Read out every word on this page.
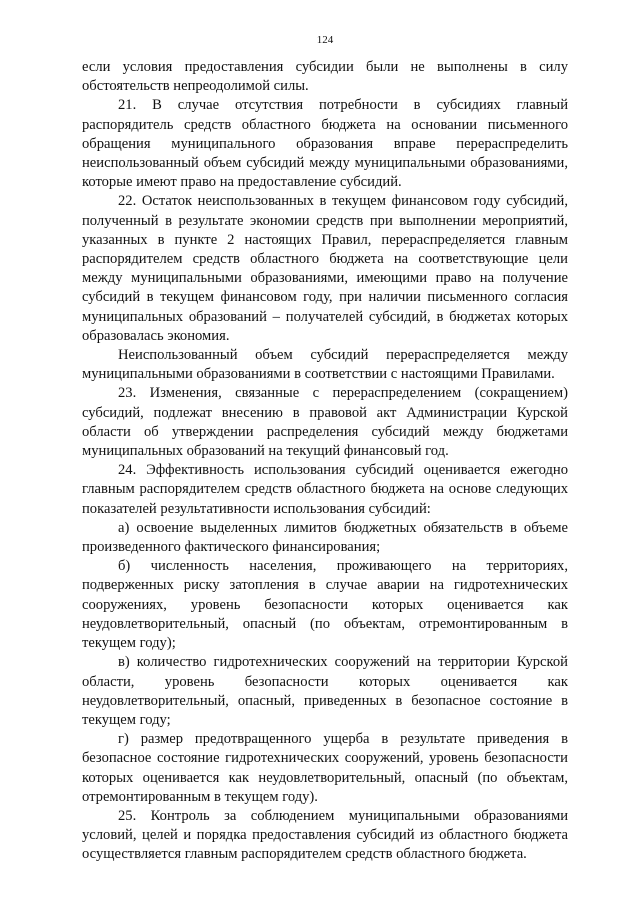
124

если условия предоставления субсидии были не выполнены в силу обстоятельств непреодолимой силы.

21. В случае отсутствия потребности в субсидиях главный распорядитель средств областного бюджета на основании письменного обращения муниципального образования вправе перераспределить неиспользованный объем субсидий между муниципальными образованиями, которые имеют право на предоставление субсидий.

22. Остаток неиспользованных в текущем финансовом году субсидий, полученный в результате экономии средств при выполнении мероприятий, указанных в пункте 2 настоящих Правил, перераспределяется главным распорядителем средств областного бюджета на соответствующие цели между муниципальными образованиями, имеющими право на получение субсидий в текущем финансовом году, при наличии письменного согласия муниципальных образований – получателей субсидий, в бюджетах которых образовалась экономия.

Неиспользованный объем субсидий перераспределяется между муниципальными образованиями в соответствии с настоящими Правилами.

23. Изменения, связанные с перераспределением (сокращением) субсидий, подлежат внесению в правовой акт Администрации Курской области об утверждении распределения субсидий между бюджетами муниципальных образований на текущий финансовый год.

24. Эффективность использования субсидий оценивается ежегодно главным распорядителем средств областного бюджета на основе следующих показателей результативности использования субсидий:

а) освоение выделенных лимитов бюджетных обязательств в объеме произведенного фактического финансирования;

б) численность населения, проживающего на территориях, подверженных риску затопления в случае аварии на гидротехнических сооружениях, уровень безопасности которых оценивается как неудовлетворительный, опасный (по объектам, отремонтированным в текущем году);

в) количество гидротехнических сооружений на территории Курской области, уровень безопасности которых оценивается как неудовлетворительный, опасный, приведенных в безопасное состояние в текущем году;

г) размер предотвращенного ущерба в результате приведения в безопасное состояние гидротехнических сооружений, уровень безопасности которых оценивается как неудовлетворительный, опасный (по объектам, отремонтированным в текущем году).

25. Контроль за соблюдением муниципальными образованиями условий, целей и порядка предоставления субсидий из областного бюджета осуществляется главным распорядителем средств областного бюджета.
